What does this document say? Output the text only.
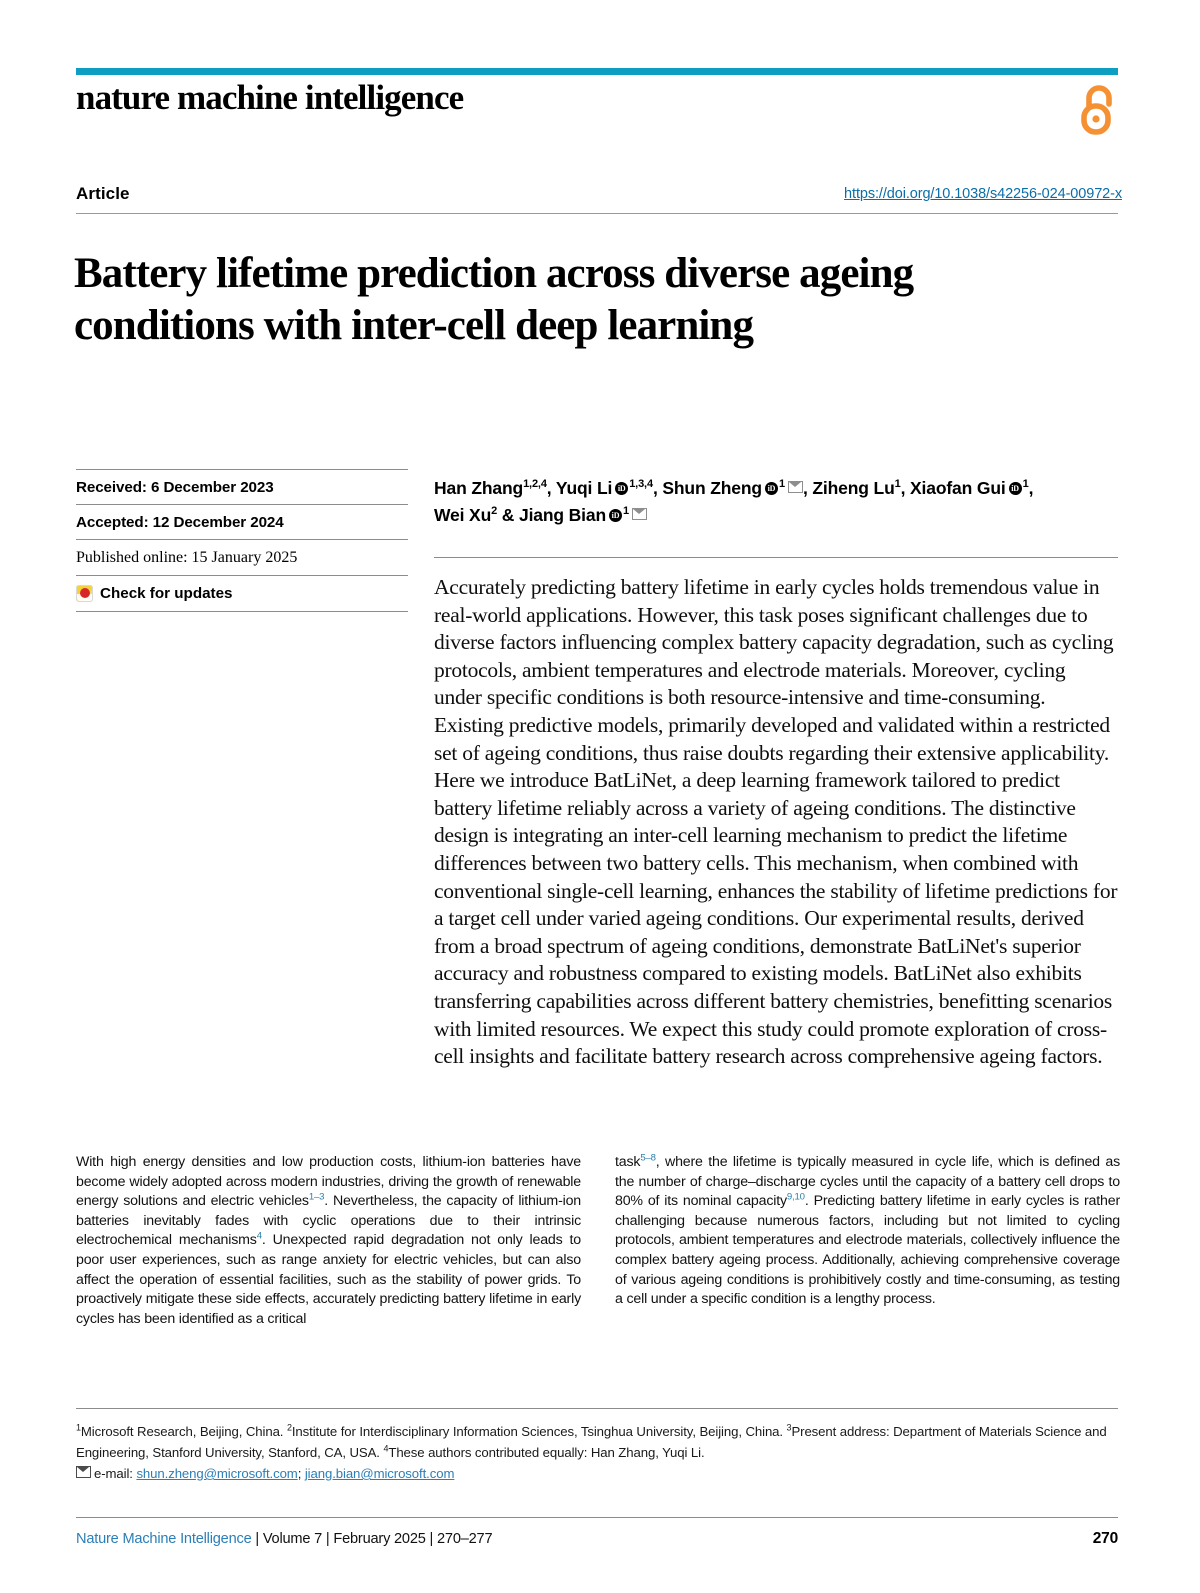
nature machine intelligence
Article	https://doi.org/10.1038/s42256-024-00972-x
Battery lifetime prediction across diverse ageing conditions with inter-cell deep learning
Received: 6 December 2023
Accepted: 12 December 2024
Published online: 15 January 2025
Check for updates
Han Zhang$^{1,2,4}$, Yuqi Li iD $^{1,3,4}$, Shun Zheng iD $^1$ , Ziheng Lu$^1$, Xiaofan GuiiD $^1$,
Wei Xu$^2$ & Jiang Bian iD $^1$
Accurately predicting battery lifetime in early cycles holds tremendous value in real-world applications. However, this task poses significant challenges due to diverse factors influencing complex battery capacity degradation, such as cycling protocols, ambient temperatures and electrode materials. Moreover, cycling under specific conditions is both resource-intensive and time-consuming. Existing predictive models, primarily developed and validated within a restricted set of ageing conditions, thus raise doubts regarding their extensive applicability. Here we introduce BatLiNet, a deep learning framework tailored to predict battery lifetime reliably across a variety of ageing conditions. The distinctive design is integrating an inter-cell learning mechanism to predict the lifetime differences between two battery cells. This mechanism, when combined with conventional single-cell learning, enhances the stability of lifetime predictions for a target cell under varied ageing conditions. Our experimental results, derived from a broad spectrum of ageing conditions, demonstrate BatLiNet's superior accuracy and robustness compared to existing models. BatLiNet also exhibits transferring capabilities across different battery chemistries, benefitting scenarios with limited resources. We expect this study could promote exploration of cross-cell insights and facilitate battery research across comprehensive ageing factors.
With high energy densities and low production costs, lithium-ion batteries have become widely adopted across modern industries, driving the growth of renewable energy solutions and electric vehicles$^{1-3}$. Nevertheless, the capacity of lithium-ion batteries inevitably fades with cyclic operations due to their intrinsic electrochemical mechanisms$^4$. Unexpected rapid degradation not only leads to poor user experiences, such as range anxiety for electric vehicles, but can also affect the operation of essential facilities, such as the stability of power grids. To proactively mitigate these side effects, accurately predicting battery lifetime in early cycles has been identified as a critical
task$^{5-8}$, where the lifetime is typically measured in cycle life, which is defined as the number of charge–discharge cycles until the capacity of a battery cell drops to 80% of its nominal capacity$^{9,10}$. Predicting battery lifetime in early cycles is rather challenging because numerous factors, including but not limited to cycling protocols, ambient temperatures and electrode materials, collectively influence the complex battery ageing process. Additionally, achieving comprehensive coverage of various ageing conditions is prohibitively costly and time-consuming, as testing a cell under a specific condition is a lengthy process.
$^1$Microsoft Research, Beijing, China. $^2$Institute for Interdisciplinary Information Sciences, Tsinghua University, Beijing, China. $^3$Present address: Department of Materials Science and Engineering, Stanford University, Stanford, CA, USA. $^4$These authors contributed equally: Han Zhang, Yuqi Li.
e-mail: shun.zheng@microsoft.com; jiang.bian@microsoft.com
Nature Machine Intelligence | Volume 7 | February 2025 | 270–277	270
